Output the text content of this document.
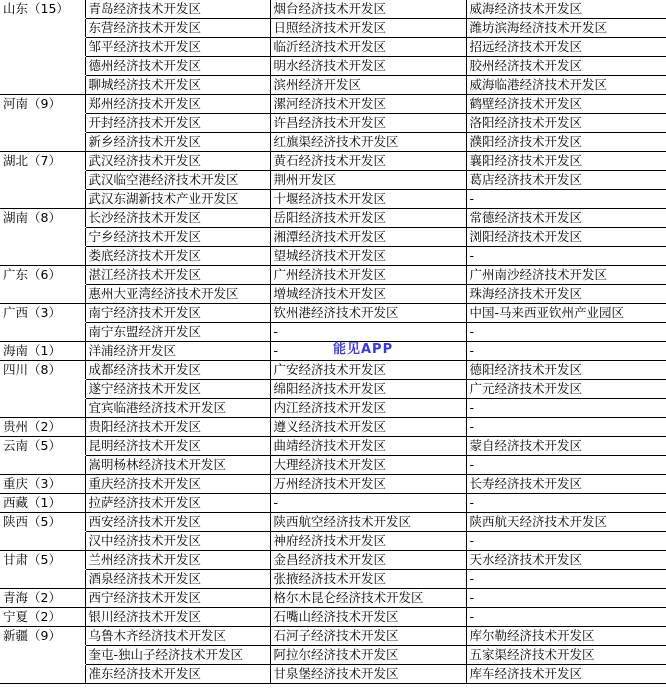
山东（15）	青岛经济技术开发区	烟台经济技术开发区	威海经济技术开发区
	东营经济技术开发区	日照经济技术开发区	潍坊滨海经济技术开发区
	邹平经济技术开发区	临沂经济技术开发区	招远经济技术开发区
	德州经济技术开发区	明水经济技术开发区	胶州经济技术开发区
	聊城经济技术开发区	滨州经济开发区	威海临港经济技术开发区
河南（9）	郑州经济技术开发区	漯河经济技术开发区	鹤壁经济技术开发区
	开封经济技术开发区	许昌经济技术开发区	洛阳经济技术开发区
	新乡经济技术开发区	红旗渠经济技术开发区	濮阳经济技术开发区
湖北（7）	武汉经济技术开发区	黄石经济技术开发区	襄阳经济技术开发区
	武汉临空港经济技术开发区	荆州开发区	葛店经济技术开发区
	武汉东湖新技术产业开发区	十堰经济技术开发区	-
湖南（8）	长沙经济技术开发区	岳阳经济技术开发区	常德经济技术开发区
	宁乡经济技术开发区	湘潭经济技术开发区	浏阳经济技术开发区
	娄底经济技术开发区	望城经济技术开发区	-
广东（6）	湛江经济技术开发区	广州经济技术开发区	广州南沙经济技术开发区
	惠州大亚湾经济技术开发区	增城经济技术开发区	珠海经济技术开发区
广西（3）	南宁经济技术开发区	钦州港经济技术开发区	中国-马来西亚钦州产业园区
	南宁东盟经济开发区	-	-
海南（1）	洋浦经济开发区	-	-
四川（8）	成都经济技术开发区	广安经济技术开发区	德阳经济技术开发区
	遂宁经济技术开发区	绵阳经济技术开发区	广元经济技术开发区
	宜宾临港经济技术开发区	内江经济技术开发区	-
贵州（2）	贵阳经济技术开发区	遵义经济技术开发区	-
云南（5）	昆明经济技术开发区	曲靖经济技术开发区	蒙自经济技术开发区
	嵩明杨林经济技术开发区	大理经济技术开发区	-
重庆（3）	重庆经济技术开发区	万州经济技术开发区	长寿经济技术开发区
西藏（1）	拉萨经济技术开发区	-	-
陕西（5）	西安经济技术开发区	陕西航空经济技术开发区	陕西航天经济技术开发区
	汉中经济技术开发区	神府经济技术开发区	-
甘肃（5）	兰州经济技术开发区	金昌经济技术开发区	天水经济技术开发区
	酒泉经济技术开发区	张掖经济技术开发区	-
青海（2）	西宁经济技术开发区	格尔木昆仑经济技术开发区	-
宁夏（2）	银川经济技术开发区	石嘴山经济技术开发区	-
新疆（9）	乌鲁木齐经济技术开发区	石河子经济技术开发区	库尔勒经济技术开发区
	奎屯-独山子经济技术开发区	阿拉尔经济技术开发区	五家渠经济技术开发区
	准东经济技术开发区	甘泉堡经济技术开发区	库车经济技术开发区
能见APP
